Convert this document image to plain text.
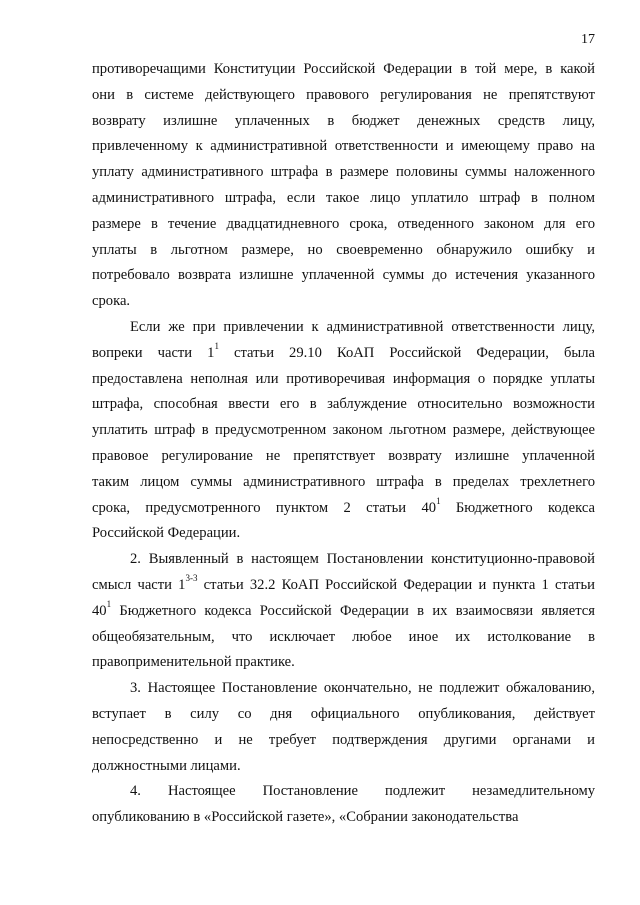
17
противоречащими Конституции Российской Федерации в той мере, в какой
они в системе действующего правового регулирования не препятствуют
возврату излишне уплаченных в бюджет денежных средств лицу,
привлеченному к административной ответственности и имеющему право на
уплату административного штрафа в размере половины суммы наложенного
административного штрафа, если такое лицо уплатило штраф в полном
размере в течение двадцатидневного срока, отведенного законом для его
уплаты в льготном размере, но своевременно обнаружило ошибку и
потребовало возврата излишне уплаченной суммы до истечения указанного
срока.
Если же при привлечении к административной ответственности лицу,
вопреки части $1^1$ статьи 29.10 КоАП Российской Федерации, была
предоставлена неполная или противоречивая информация о порядке уплаты
штрафа, способная ввести его в заблуждение относительно возможности
уплатить штраф в предусмотренном законом льготном размере, действующее
правовое регулирование не препятствует возврату излишне уплаченной
таким лицом суммы административного штрафа в пределах трехлетнего
срока, предусмотренного пунктом 2 статьи $40^1$ Бюджетного кодекса
Российской Федерации.
2. Выявленный в настоящем Постановлении конституционно-правовой
смысл части 1$^{3-3}$ статьи 32.2 КоАП Российской Федерации и пункта 1 статьи
$40^1$ Бюджетного кодекса Российской Федерации в их взаимосвязи является
общеобязательным, что исключает любое иное их истолкование в
правоприменительной практике.
3. Настоящее Постановление окончательно, не подлежит обжалованию,
вступает в силу со дня официального опубликования, действует
непосредственно и не требует подтверждения другими органами и
должностными лицами.
4. Настоящее Постановление подлежит незамедлительному
опубликованию в «Российской газете», «Собрании законодательства
